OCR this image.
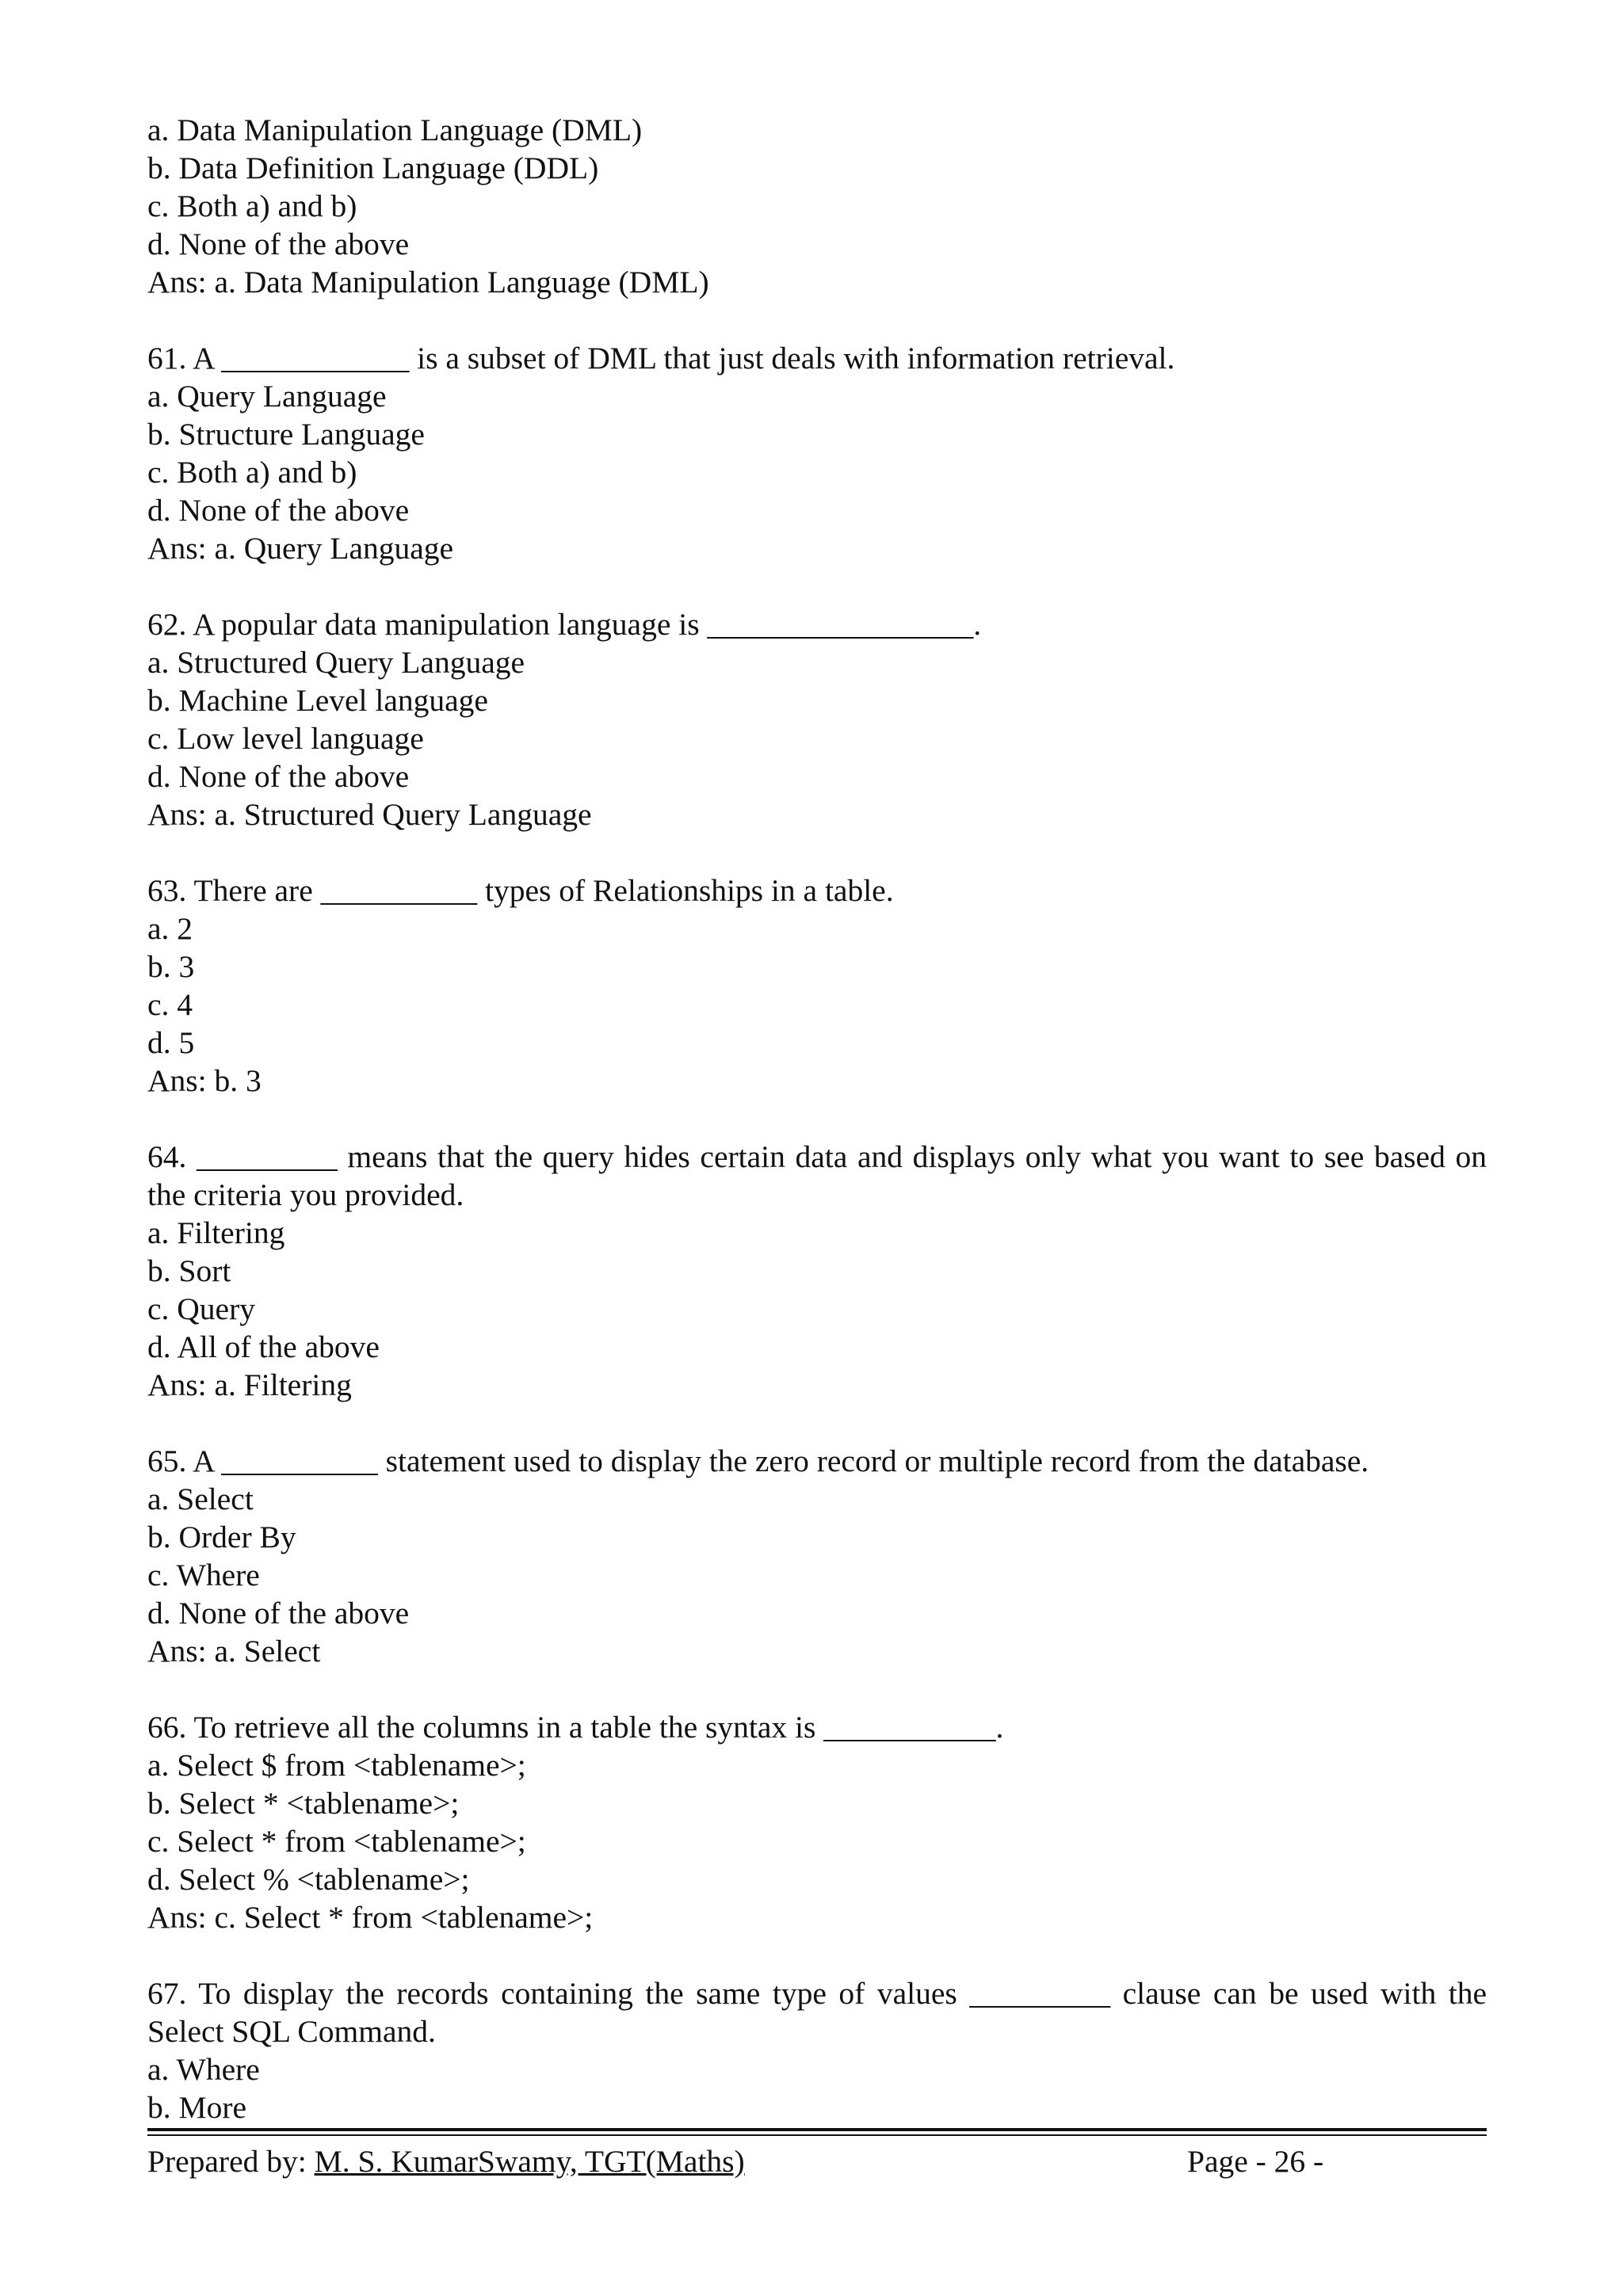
a. Data Manipulation Language (DML)
b. Data Definition Language (DDL)
c. Both a) and b)
d. None of the above
Ans: a. Data Manipulation Language (DML)
61. A ____________ is a subset of DML that just deals with information retrieval.
a. Query Language
b. Structure Language
c. Both a) and b)
d. None of the above
Ans: a. Query Language
62. A popular data manipulation language is _________________.
a. Structured Query Language
b. Machine Level language
c. Low level language
d. None of the above
Ans: a. Structured Query Language
63. There are __________ types of Relationships in a table.
a. 2
b. 3
c. 4
d. 5
Ans: b. 3
64. _________ means that the query hides certain data and displays only what you want to see based on the criteria you provided.
a. Filtering
b. Sort
c. Query
d. All of the above
Ans: a. Filtering
65. A __________ statement used to display the zero record or multiple record from the database.
a. Select
b. Order By
c. Where
d. None of the above
Ans: a. Select
66. To retrieve all the columns in a table the syntax is ___________.
a. Select $ from <tablename>;
b. Select * <tablename>;
c. Select * from <tablename>;
d. Select % <tablename>;
Ans: c. Select * from <tablename>;
67. To display the records containing the same type of values _________ clause can be used with the Select SQL Command.
a. Where
b. More
Prepared by: M. S. KumarSwamy, TGT(Maths)	Page - 26 -
